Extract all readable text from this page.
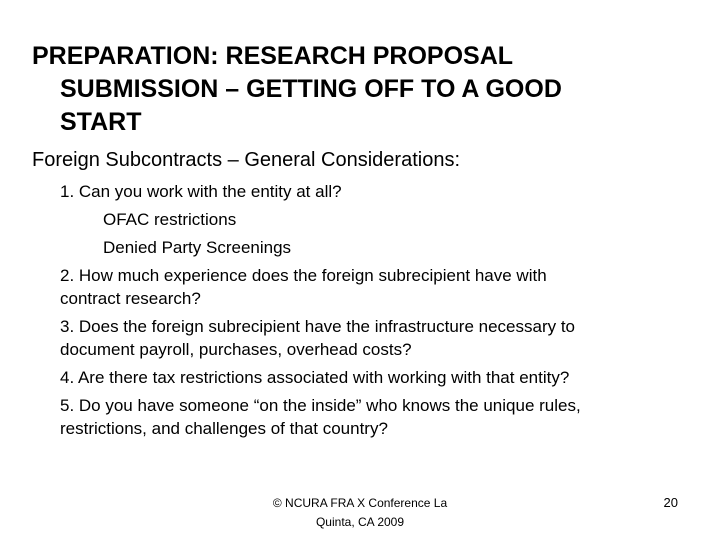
PREPARATION: RESEARCH PROPOSAL
SUBMISSION – GETTING OFF TO A GOOD
START
Foreign Subcontracts – General Considerations:
1. Can you work with the entity at all?
OFAC restrictions
Denied Party Screenings
2. How much experience does the foreign subrecipient have with
contract research?
3. Does the foreign subrecipient have the infrastructure necessary to
document payroll, purchases, overhead costs?
4. Are there tax restrictions associated with working with that entity?
5. Do you have someone “on the inside” who knows the unique rules,
restrictions, and challenges of that country?
© NCURA FRA X Conference La
Quinta, CA 2009
20
